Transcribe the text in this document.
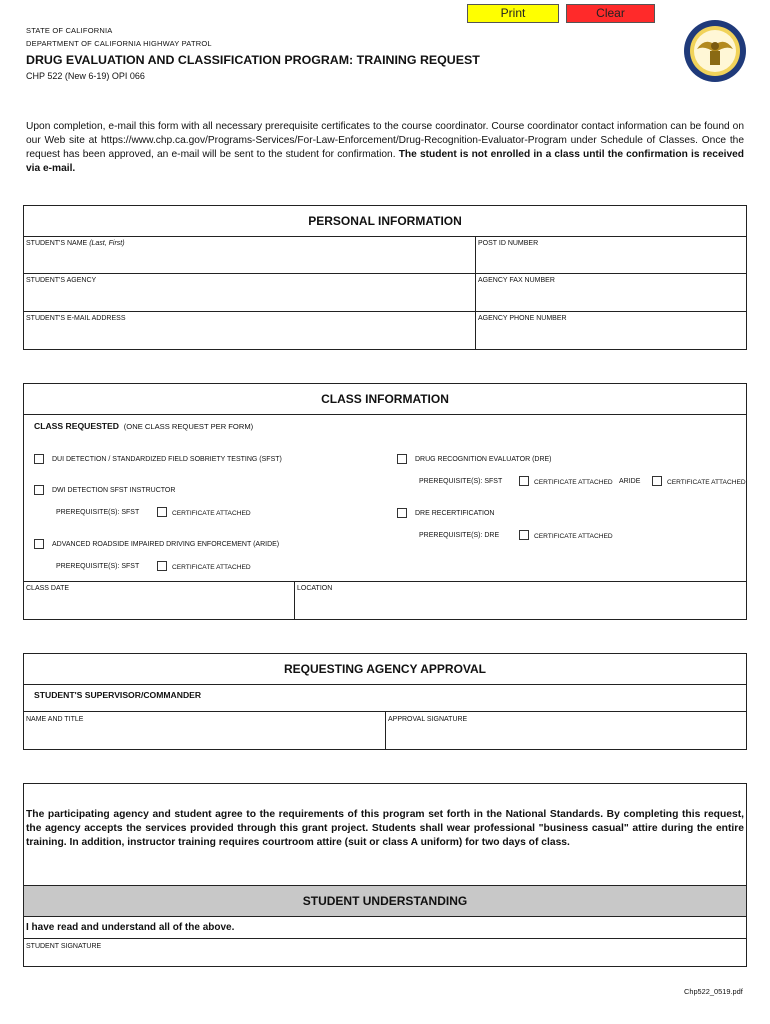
Print	Clear
STATE OF CALIFORNIA
DEPARTMENT OF CALIFORNIA HIGHWAY PATROL
DRUG EVALUATION AND CLASSIFICATION PROGRAM: TRAINING REQUEST
CHP 522 (New 6-19) OPI 066
Upon completion, e-mail this form with all necessary prerequisite certificates to the course coordinator. Course coordinator contact information can be found on our Web site at https://www.chp.ca.gov/Programs-Services/For-Law-Enforcement/Drug-Recognition-Evaluator-Program under Schedule of Classes. Once the request has been approved, an e-mail will be sent to the student for confirmation. The student is not enrolled in a class until the confirmation is received via e-mail.
PERSONAL INFORMATION
STUDENT'S NAME (Last, First)	POST ID NUMBER
STUDENT'S AGENCY	AGENCY FAX NUMBER
STUDENT'S E-MAIL ADDRESS	AGENCY PHONE NUMBER
CLASS INFORMATION
CLASS REQUESTED (ONE CLASS REQUEST PER FORM)
DUI DETECTION / STANDARDIZED FIELD SOBRIETY TESTING (SFST)
DWI DETECTION SFST INSTRUCTOR
PREREQUISITE(S): SFST	CERTIFICATE ATTACHED
ADVANCED ROADSIDE IMPAIRED DRIVING ENFORCEMENT (ARIDE)
PREREQUISITE(S): SFST	CERTIFICATE ATTACHED
DRUG RECOGNITION EVALUATOR (DRE)
PREREQUISITE(S): SFST	CERTIFICATE ATTACHED ARIDE	CERTIFICATE ATTACHED
DRE RECERTIFICATION
PREREQUISITE(S): DRE	CERTIFICATE ATTACHED
CLASS DATE	LOCATION
REQUESTING AGENCY APPROVAL
STUDENT'S SUPERVISOR/COMMANDER
NAME AND TITLE	APPROVAL SIGNATURE
The participating agency and student agree to the requirements of this program set forth in the National Standards. By completing this request, the agency accepts the services provided through this grant project. Students shall wear professional "business casual" attire during the entire training. In addition, instructor training requires courtroom attire (suit or class A uniform) for two days of class.
STUDENT UNDERSTANDING
I have read and understand all of the above.
STUDENT SIGNATURE
Chp522_0519.pdf
